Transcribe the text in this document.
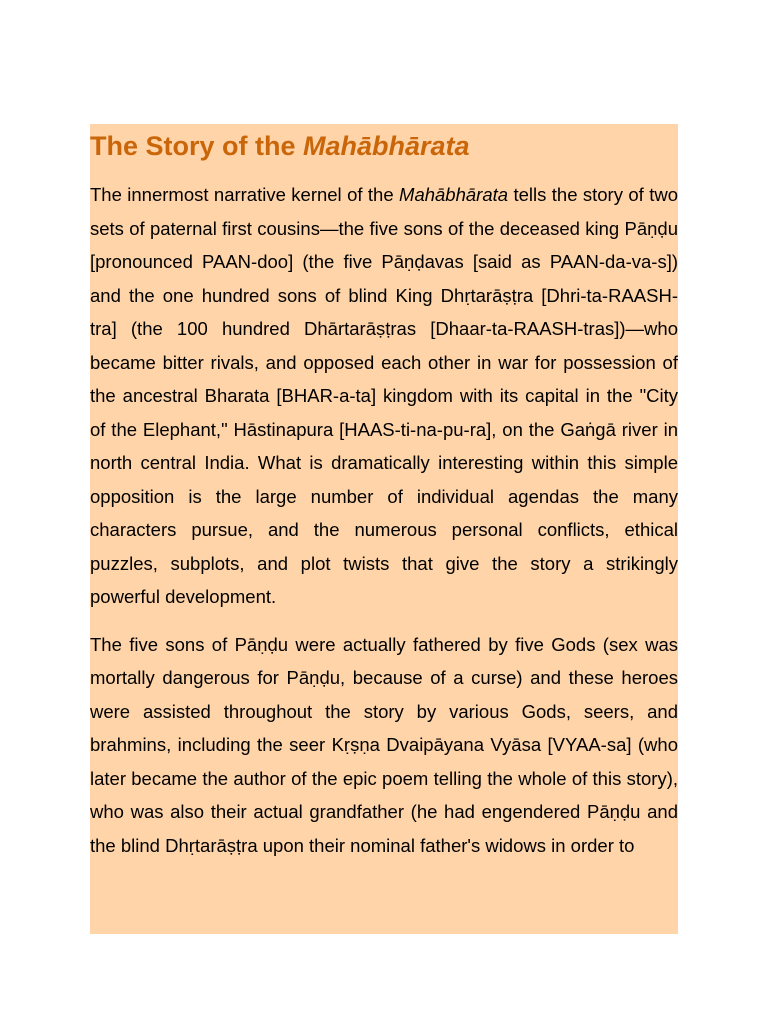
The Story of the Mahābhārata

The innermost narrative kernel of the Mahābhārata tells the story of two sets of paternal first cousins—the five sons of the deceased king Pāṇḍu [pronounced PAAN-doo] (the five Pāṇḍavas [said as PAAN-da-va-s]) and the one hundred sons of blind King Dhṛtarāṣṭra [Dhri-ta-RAASH-tra] (the 100 hundred Dhārtarāṣṭras [Dhaar-ta-RAASH-tras])—who became bitter rivals, and opposed each other in war for possession of the ancestral Bharata [BHAR-a-ta] kingdom with its capital in the "City of the Elephant," Hāstinapura [HAAS-ti-na-pu-ra], on the Gaṅgā river in north central India. What is dramatically interesting within this simple opposition is the large number of individual agendas the many characters pursue, and the numerous personal conflicts, ethical puzzles, subplots, and plot twists that give the story a strikingly powerful development.

The five sons of Pāṇḍu were actually fathered by five Gods (sex was mortally dangerous for Pāṇḍu, because of a curse) and these heroes were assisted throughout the story by various Gods, seers, and brahmins, including the seer Kṛṣṇa Dvaipāyana Vyāsa [VYAA-sa] (who later became the author of the epic poem telling the whole of this story), who was also their actual grandfather (he had engendered Pāṇḍu and the blind Dhṛtarāṣṭra upon their nominal father's widows in order to
